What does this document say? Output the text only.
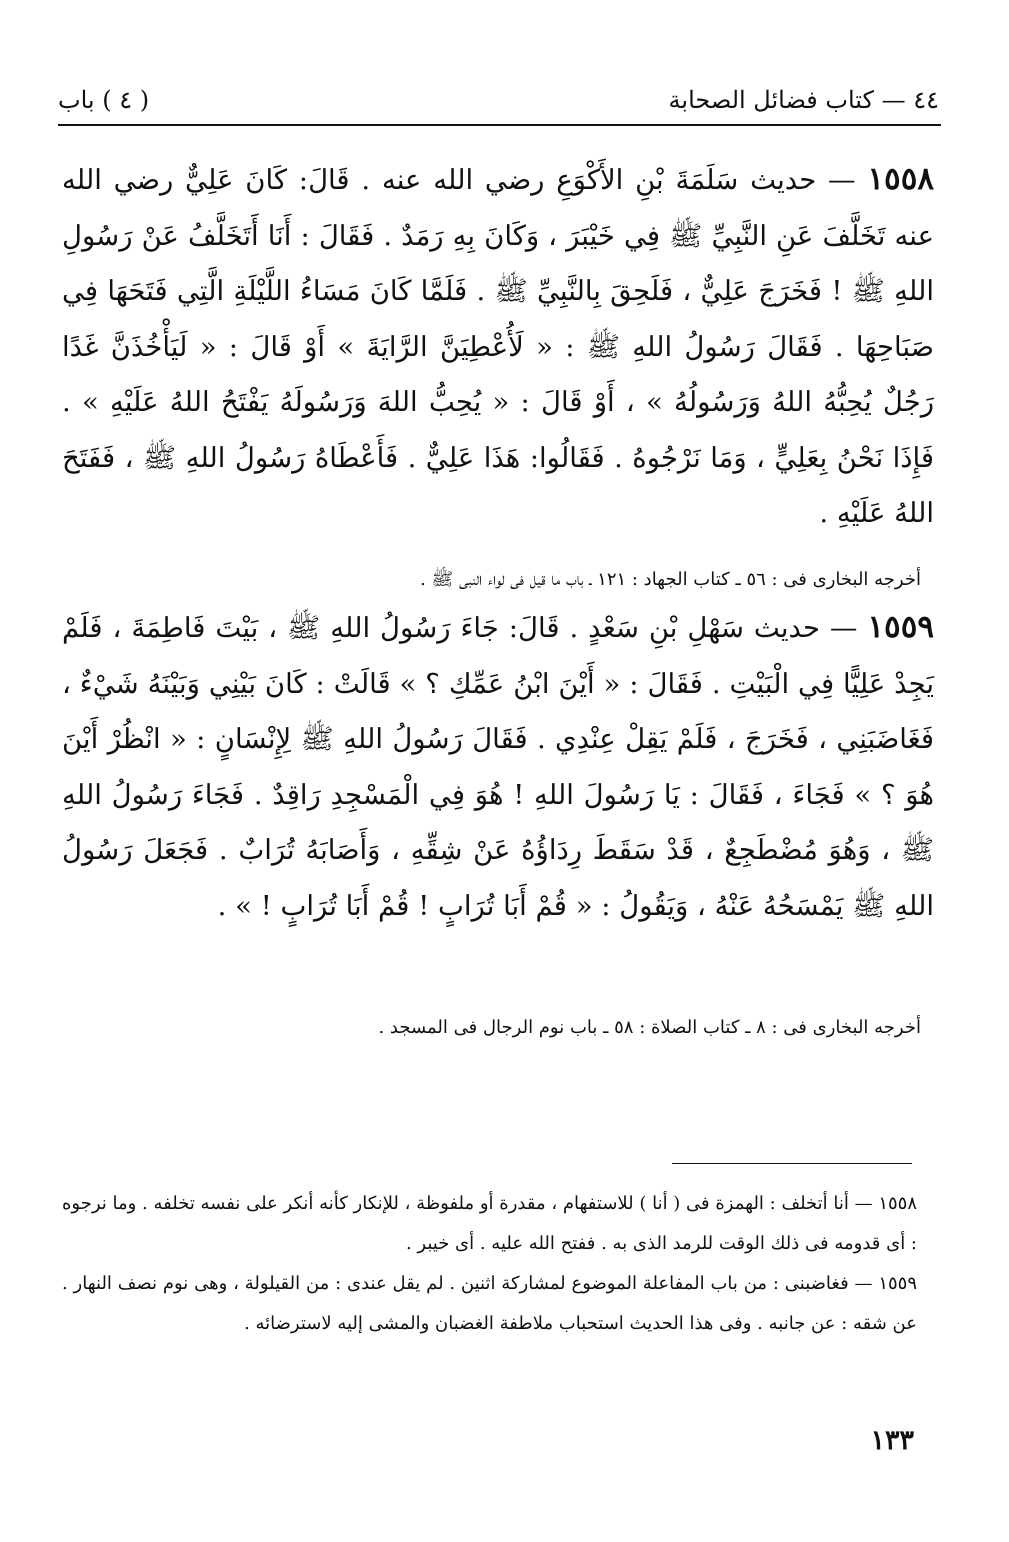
٤٤ — كتاب فضائل الصحابة
( ٤ ) باب

١٥٥٨ — حديث سَلَمَةَ بْنِ الأَكْوَعِ رضي الله عنه . قَالَ: كَانَ عَلِيٌّ رضي الله عنه تَخَلَّفَ عَنِ النَّبِيِّ ﷺ فِي خَيْبَرَ ، وَكَانَ بِهِ رَمَدٌ . فَقَالَ : أَنَا أَتَخَلَّفُ عَنْ رَسُولِ اللهِ ﷺ ! فَخَرَجَ عَلِيٌّ ، فَلَحِقَ بِالنَّبِيِّ ﷺ . فَلَمَّا كَانَ مَسَاءُ اللَّيْلَةِ الَّتِي فَتَحَهَا فِي صَبَاحِهَا . فَقَالَ رَسُولُ اللهِ ﷺ : « لَأُعْطِيَنَّ الرَّايَةَ » أَوْ قَالَ : « لَيَأْخُذَنَّ غَدًا رَجُلٌ يُحِبُّهُ اللهُ وَرَسُولُهُ » ، أَوْ قَالَ : « يُحِبُّ اللهَ وَرَسُولَهُ يَفْتَحُ اللهُ عَلَيْهِ » . فَإِذَا نَحْنُ بِعَلِيٍّ ، وَمَا نَرْجُوهُ . فَقَالُوا: هَذَا عَلِيٌّ . فَأَعْطَاهُ رَسُولُ اللهِ ﷺ ، فَفَتَحَ اللهُ عَلَيْهِ .

أخرجه البخارى فى : ٥٦ ـ كتاب الجهاد : ١٢١ ـ باب ما قيل فى لواء النبى ﷺ .

١٥٥٩ — حديث سَهْلِ بْنِ سَعْدٍ . قَالَ: جَاءَ رَسُولُ اللهِ ﷺ ، بَيْتَ فَاطِمَةَ ، فَلَمْ يَجِدْ عَلِيًّا فِي الْبَيْتِ . فَقَالَ : « أَيْنَ ابْنُ عَمِّكِ ؟ » قَالَتْ : كَانَ بَيْنِي وَبَيْنَهُ شَيْءٌ ، فَغَاضَبَنِي ، فَخَرَجَ ، فَلَمْ يَقِلْ عِنْدِي . فَقَالَ رَسُولُ اللهِ ﷺ لِإِنْسَانٍ : « انْظُرْ أَيْنَ هُوَ ؟ » فَجَاءَ ، فَقَالَ : يَا رَسُولَ اللهِ ! هُوَ فِي الْمَسْجِدِ رَاقِدٌ . فَجَاءَ رَسُولُ اللهِ ﷺ ، وَهُوَ مُضْطَجِعٌ ، قَدْ سَقَطَ رِدَاؤُهُ عَنْ شِقِّهِ ، وَأَصَابَهُ تُرَابٌ . فَجَعَلَ رَسُولُ اللهِ ﷺ يَمْسَحُهُ عَنْهُ ، وَيَقُولُ : « قُمْ أَبَا تُرَابٍ ! قُمْ أَبَا تُرَابٍ ! » .

أخرجه البخارى فى : ٨ ـ كتاب الصلاة : ٥٨ ـ باب نوم الرجال فى المسجد .

١٥٥٨ — أنا أتخلف : الهمزة فى ( أنا ) للاستفهام ، مقدرة أو ملفوظة ، للإنكار كأنه أنكر على نفسه تخلفه . وما نرجوه : أى قدومه فى ذلك الوقت للرمد الذى به . ففتح الله عليه . أى خيبر .

١٥٥٩ — فغاضبنى : من باب المفاعلة الموضوع لمشاركة اثنين . لم يقل عندى : من القيلولة ، وهى نوم نصف النهار . عن شقه : عن جانبه . وفى هذا الحديث استحباب ملاطفة الغضبان والمشى إليه لاسترضائه .

١٣٣
